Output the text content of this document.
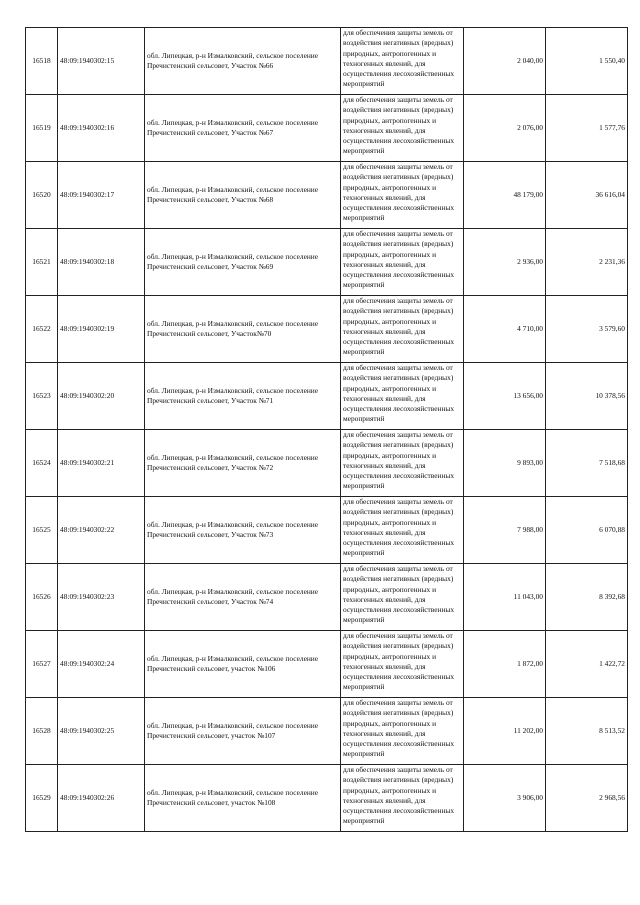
16518	48:09:1940302:15	обл. Липецкая, р-н Измалковский, сельское поселение Пречистенский сельсовет, Участок №66	для обеспечения защиты земель от воздействия негативных (вредных) природных, антропогенных и техногенных явлений, для осуществления лесохозяйственных мероприятий	2 040,00	1 550,40
16519	48:09:1940302:16	обл. Липецкая, р-н Измалковский, сельское поселение Пречистенский сельсовет, Участок №67	для обеспечения защиты земель от воздействия негативных (вредных) природных, антропогенных и техногенных явлений, для осуществления лесохозяйственных мероприятий	2 076,00	1 577,76
16520	48:09:1940302:17	обл. Липецкая, р-н Измалковский, сельское поселение Пречистенский сельсовет, Участок №68	для обеспечения защиты земель от воздействия негативных (вредных) природных, антропогенных и техногенных явлений, для осуществления лесохозяйственных мероприятий	48 179,00	36 616,04
16521	48:09:1940302:18	обл. Липецкая, р-н Измалковский, сельское поселение Пречистенский сельсовет, Участок №69	для обеспечения защиты земель от воздействия негативных (вредных) природных, антропогенных и техногенных явлений, для осуществления лесохозяйственных мероприятий	2 936,00	2 231,36
16522	48:09:1940302:19	обл. Липецкая, р-н Измалковский, сельское поселение Пречистенский сельсовет, Участок№70	для обеспечения защиты земель от воздействия негативных (вредных) природных, антропогенных и техногенных явлений, для осуществления лесохозяйственных мероприятий	4 710,00	3 579,60
16523	48:09:1940302:20	обл. Липецкая, р-н Измалковский, сельское поселение Пречистенский сельсовет, Участок №71	для обеспечения защиты земель от воздействия негативных (вредных) природных, антропогенных и техногенных явлений, для осуществления лесохозяйственных мероприятий	13 656,00	10 378,56
16524	48:09:1940302:21	обл. Липецкая, р-н Измалковский, сельское поселение Пречистенский сельсовет, Участок №72	для обеспечения защиты земель от воздействия негативных (вредных) природных, антропогенных и техногенных явлений, для осуществления лесохозяйственных мероприятий	9 893,00	7 518,68
16525	48:09:1940302:22	обл. Липецкая, р-н Измалковский, сельское поселение Пречистенский сельсовет, Участок №73	для обеспечения защиты земель от воздействия негативных (вредных) природных, антропогенных и техногенных явлений, для осуществления лесохозяйственных мероприятий	7 988,00	6 070,88
16526	48:09:1940302:23	обл. Липецкая, р-н Измалковский, сельское поселение Пречистенский сельсовет, Участок №74	для обеспечения защиты земель от воздействия негативных (вредных) природных, антропогенных и техногенных явлений, для осуществления лесохозяйственных мероприятий	11 043,00	8 392,68
16527	48:09:1940302:24	обл. Липецкая, р-н Измалковский, сельское поселение Пречистенский сельсовет, участок №106	для обеспечения защиты земель от воздействия негативных (вредных) природных, антропогенных и техногенных явлений, для осуществления лесохозяйственных мероприятий	1 872,00	1 422,72
16528	48:09:1940302:25	обл. Липецкая, р-н Измалковский, сельское поселение Пречистенский сельсовет, участок №107	для обеспечения защиты земель от воздействия негативных (вредных) природных, антропогенных и техногенных явлений, для осуществления лесохозяйственных мероприятий	11 202,00	8 513,52
16529	48:09:1940302:26	обл. Липецкая, р-н Измалковский, сельское поселение Пречистенский сельсовет, участок №108	для обеспечения защиты земель от воздействия негативных (вредных) природных, антропогенных и техногенных явлений, для осуществления лесохозяйственных мероприятий	3 906,00	2 968,56
